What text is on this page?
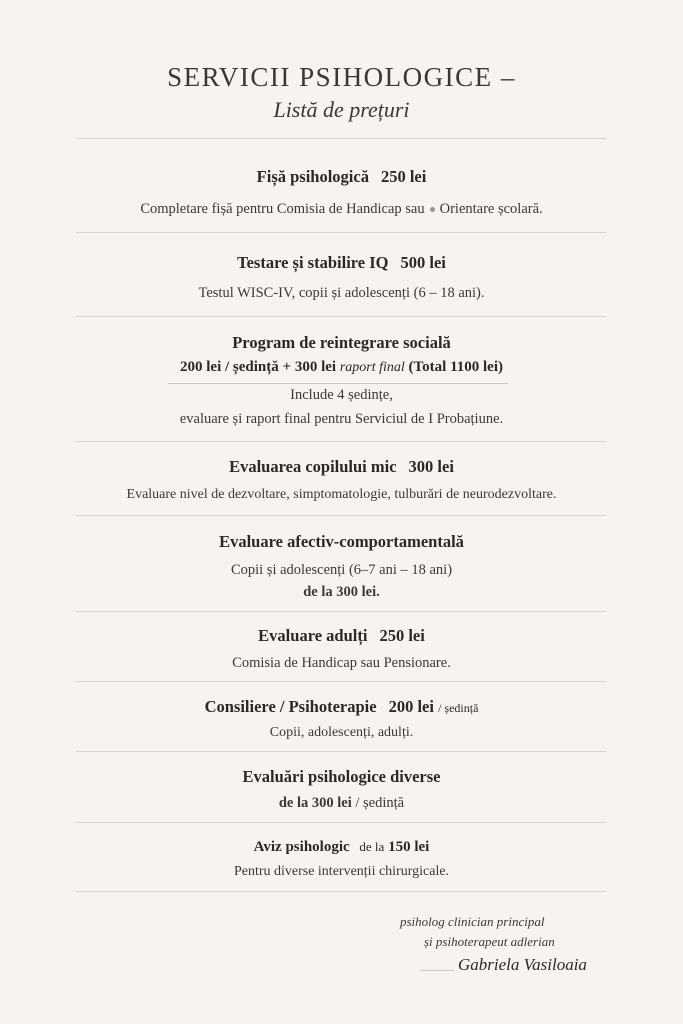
SERVICII PSIHOLOGICE –
Listă de prețuri
Fișă psihologică 250 lei
Completare fișă pentru Comisia de Handicap sau Orientare școlară.
Testare și stabilire IQ 500 lei
Testul WISC-IV, copii și adolescenți (6 – 18 ani).
Program de reintegrare socială
200 lei / ședință + 300 lei raport final (Total 1100 lei)
Include 4 ședințe,
evaluare și raport final pentru Serviciul de I Probațiune.
Evaluarea copilului mic 300 lei
Evaluare nivel de dezvoltare, simptomatologie, tulburări de neurodezvoltare.
Evaluare afectiv-comportamentală
Copii și adolescenți (6–7 ani – 18 ani)
de la 300 lei.
Evaluare adulți 250 lei
Comisia de Handicap sau Pensionare.
Consiliere / Psihoterapie 200 lei / ședință
Copii, adolescenți, adulți.
Evaluări psihologice diverse
de la 300 lei / ședință
Aviz psihologic de la 150 lei
Pentru diverse intervenții chirurgicale.
psiholog clinician principal
și psihoterapeut adlerian
Gabriela Vasiloaia
